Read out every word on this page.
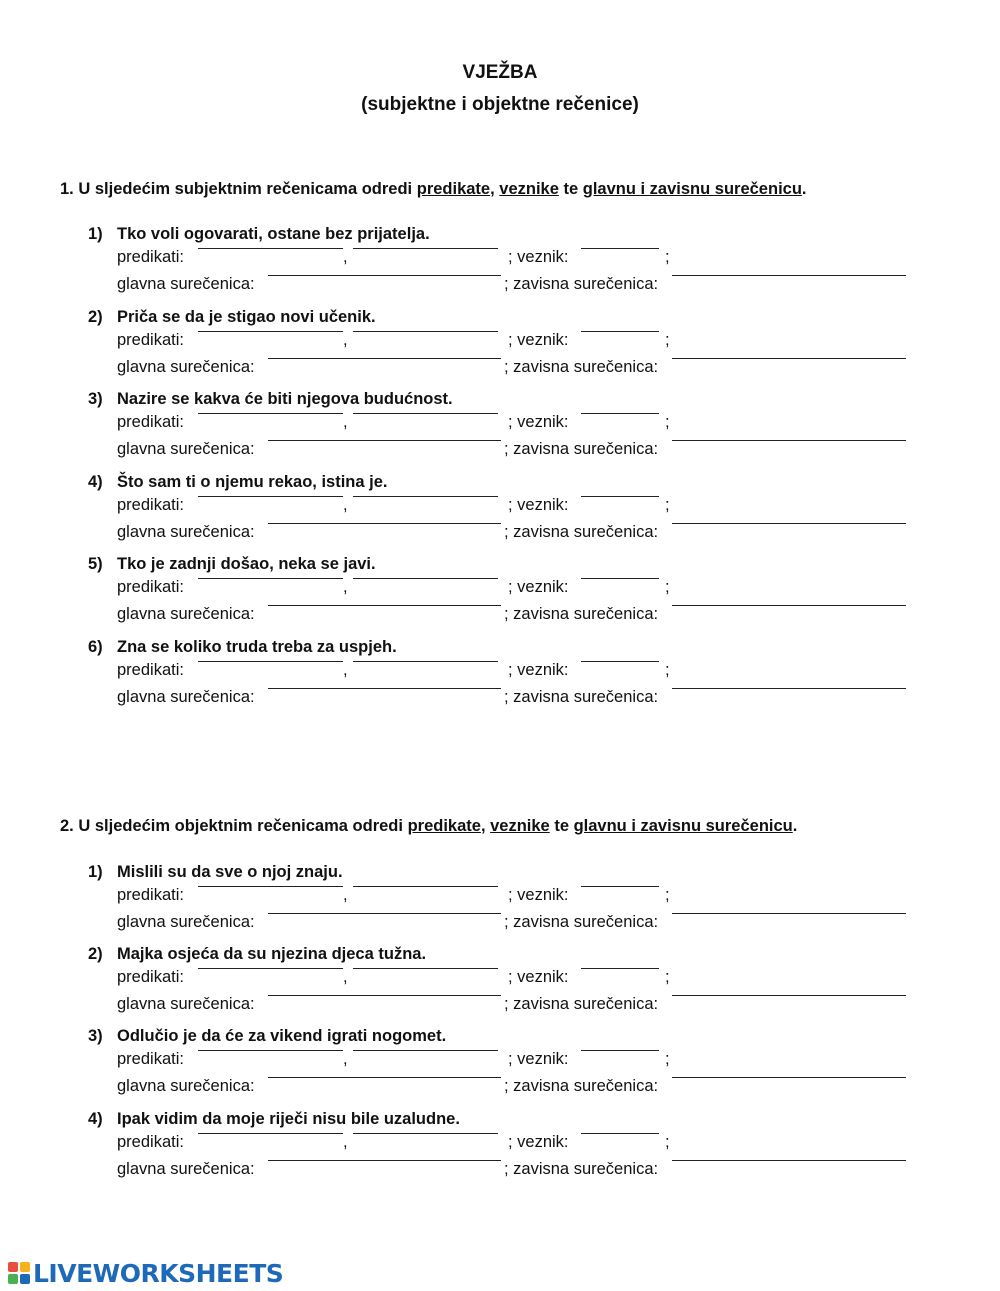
VJEŽBA
(subjektne i objektne rečenice)

1. U sljedećim subjektnim rečenicama odredi predikate, veznike te glavnu i zavisnu surečenicu.

1) Tko voli ogovarati, ostane bez prijatelja.

predikati:	,	; veznik:	;
glavna surečenica:	; zavisna surečenica:

2) Priča se da je stigao novi učenik.

predikati:	,	; veznik:	;
glavna surečenica:	; zavisna surečenica:

3) Nazire se kakva će biti njegova budućnost.

predikati:	,	; veznik:	;
glavna surečenica:	; zavisna surečenica:

4) Što sam ti o njemu rekao, istina je.

predikati:	,	; veznik:	;
glavna surečenica:	; zavisna surečenica:

5) Tko je zadnji došao, neka se javi.

predikati:	,	; veznik:	;
glavna surečenica:	; zavisna surečenica:

6) Zna se koliko truda treba za uspjeh.

predikati:	,	; veznik:	;
glavna surečenica:	; zavisna surečenica:

2. U sljedećim objektnim rečenicama odredi predikate, veznike te glavnu i zavisnu surečenicu.

1) Mislili su da sve o njoj znaju.

predikati:	,	; veznik:	;
glavna surečenica:	; zavisna surečenica:

2) Majka osjeća da su njezina djeca tužna.

predikati:	,	; veznik:	;
glavna surečenica:	; zavisna surečenica:

3) Odlučio je da će za vikend igrati nogomet.

predikati:	,	; veznik:	;
glavna surečenica:	; zavisna surečenica:

4) Ipak vidim da moje riječi nisu bile uzaludne.

predikati:	,	; veznik:	;
glavna surečenica:	; zavisna surečenica:
LIVEWORKSHEETS
